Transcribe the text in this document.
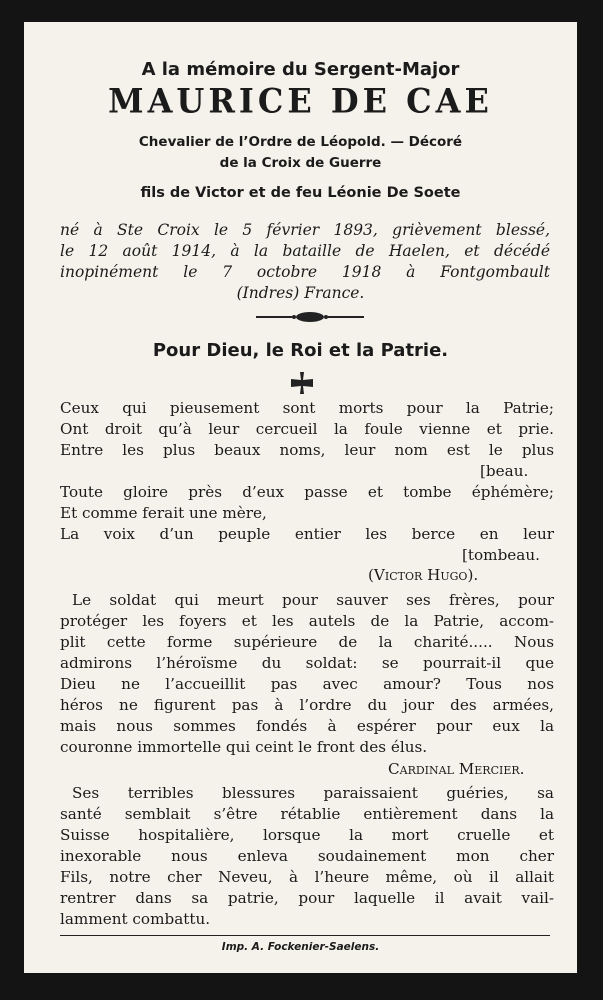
A la mémoire du Sergent-Major
MAURICE DE CAE
Chevalier de l’Ordre de Léopold. — Décoré
de la Croix de Guerre
fils de Victor et de feu Léonie De Soete
né à Ste Croix le 5 février 1893, grièvement blessé,
le 12 août 1914, à la bataille de Haelen, et décédé
inopinément le 7 octobre 1918 à Fontgombault
(Indres) France.
Pour Dieu, le Roi et la Patrie.
Ceux qui pieusement sont morts pour la Patrie;
Ont droit qu’à leur cercueil la foule vienne et prie.
Entre les plus beaux noms, leur nom est le plus
[beau.
Toute gloire près d’eux passe et tombe éphémère;
Et comme ferait une mère,
La voix d’un peuple entier les berce en leur
[tombeau.
(Victor Hugo).
Le soldat qui meurt pour sauver ses frères, pour
protéger les foyers et les autels de la Patrie, accom-
plit cette forme supérieure de la charité..... Nous
admirons l’héroïsme du soldat: se pourrait-il que
Dieu ne l’accueillit pas avec amour? Tous nos
héros ne figurent pas à l’ordre du jour des armées,
mais nous sommes fondés à espérer pour eux la
couronne immortelle qui ceint le front des élus.
Cardinal Mercier.
Ses terribles blessures paraissaient guéries, sa
santé semblait s’être rétablie entièrement dans la
Suisse hospitalière, lorsque la mort cruelle et
inexorable nous enleva soudainement mon cher
Fils, notre cher Neveu, à l’heure même, où il allait
rentrer dans sa patrie, pour laquelle il avait vail-
lamment combattu.
Imp. A. Fockenier-Saelens.
